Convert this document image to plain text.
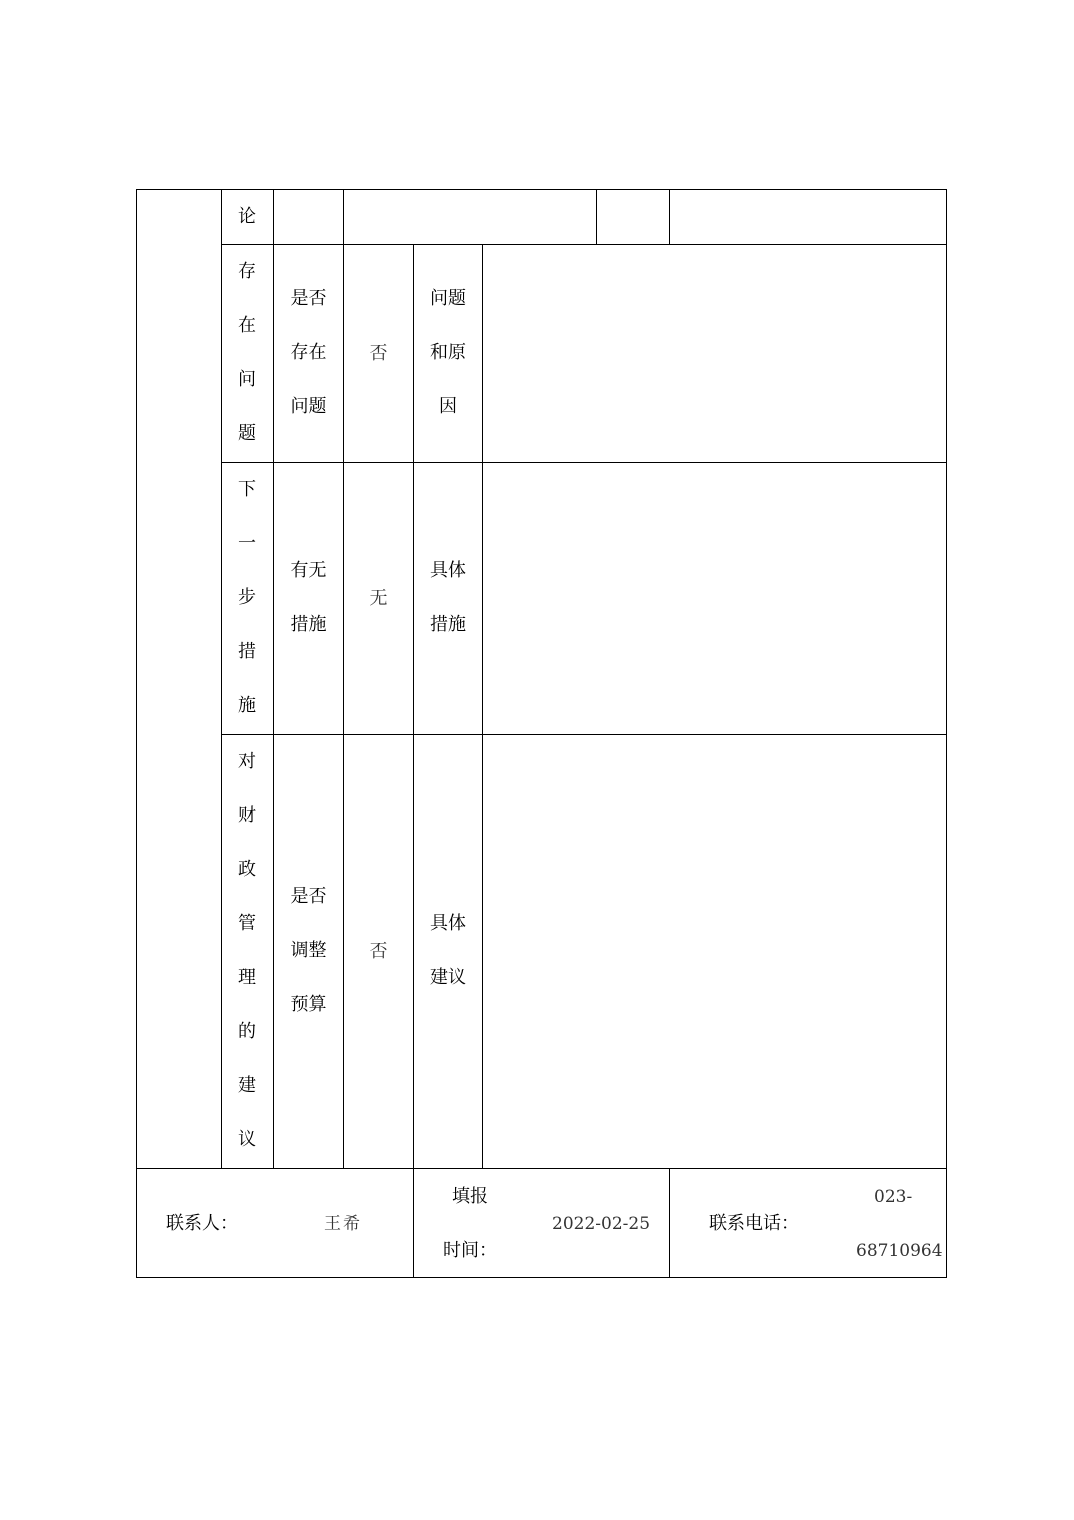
论
存
在
问
题
是否
存在
问题
否
问题
和原
因
下
一
步
措
施
有无
措施
无
具体
措施
对
财
政
管
理
的
建
议
是否
调整
预算
否
具体
建议
联系人：	王希
填报
2022-02-25
时间：
联系电话：
023-
68710964
